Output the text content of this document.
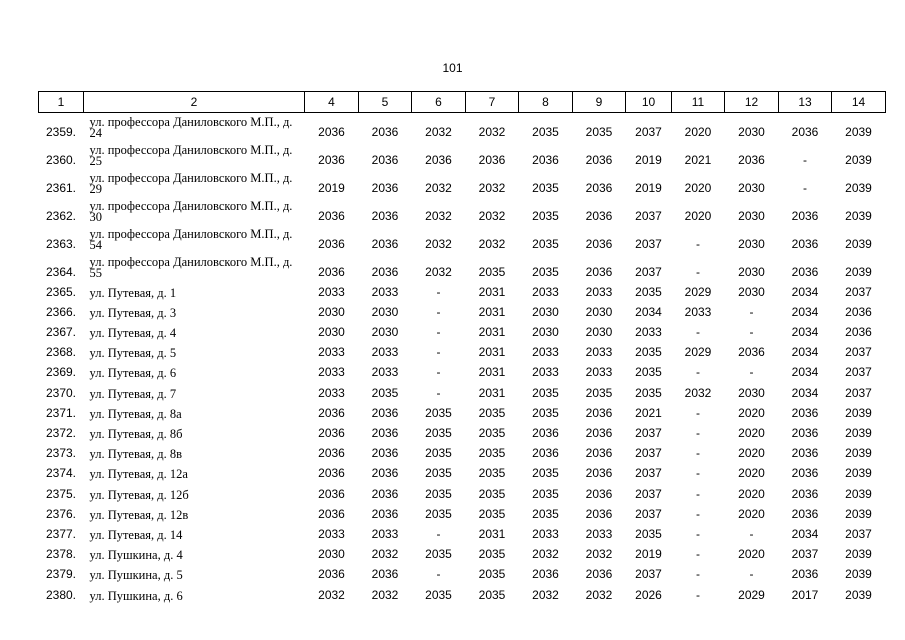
101
1	2	4	5	6	7	8	9	10	11	12	13	14
2359.	ул. профессора Даниловского М.П., д. 24	2036	2036	2032	2032	2035	2035	2037	2020	2030	2036	2039
2360.	ул. профессора Даниловского М.П., д. 25	2036	2036	2036	2036	2036	2036	2019	2021	2036	-	2039
2361.	ул. профессора Даниловского М.П., д. 29	2019	2036	2032	2032	2035	2036	2019	2020	2030	-	2039
2362.	ул. профессора Даниловского М.П., д. 30	2036	2036	2032	2032	2035	2036	2037	2020	2030	2036	2039
2363.	ул. профессора Даниловского М.П., д. 54	2036	2036	2032	2032	2035	2036	2037	-	2030	2036	2039
2364.	ул. профессора Даниловского М.П., д. 55	2036	2036	2032	2035	2035	2036	2037	-	2030	2036	2039
2365.	ул. Путевая, д. 1	2033	2033	-	2031	2033	2033	2035	2029	2030	2034	2037
2366.	ул. Путевая, д. 3	2030	2030	-	2031	2030	2030	2034	2033	-	2034	2036
2367.	ул. Путевая, д. 4	2030	2030	-	2031	2030	2030	2033	-	-	2034	2036
2368.	ул. Путевая, д. 5	2033	2033	-	2031	2033	2033	2035	2029	2036	2034	2037
2369.	ул. Путевая, д. 6	2033	2033	-	2031	2033	2033	2035	-	-	2034	2037
2370.	ул. Путевая, д. 7	2033	2035	-	2031	2035	2035	2035	2032	2030	2034	2037
2371.	ул. Путевая, д. 8а	2036	2036	2035	2035	2035	2036	2021	-	2020	2036	2039
2372.	ул. Путевая, д. 8б	2036	2036	2035	2035	2036	2036	2037	-	2020	2036	2039
2373.	ул. Путевая, д. 8в	2036	2036	2035	2035	2036	2036	2037	-	2020	2036	2039
2374.	ул. Путевая, д. 12а	2036	2036	2035	2035	2035	2036	2037	-	2020	2036	2039
2375.	ул. Путевая, д. 12б	2036	2036	2035	2035	2035	2036	2037	-	2020	2036	2039
2376.	ул. Путевая, д. 12в	2036	2036	2035	2035	2035	2036	2037	-	2020	2036	2039
2377.	ул. Путевая, д. 14	2033	2033	-	2031	2033	2033	2035	-	-	2034	2037
2378.	ул. Пушкина, д. 4	2030	2032	2035	2035	2032	2032	2019	-	2020	2037	2039
2379.	ул. Пушкина, д. 5	2036	2036	-	2035	2036	2036	2037	-	-	2036	2039
2380.	ул. Пушкина, д. 6	2032	2032	2035	2035	2032	2032	2026	-	2029	2017	2039
